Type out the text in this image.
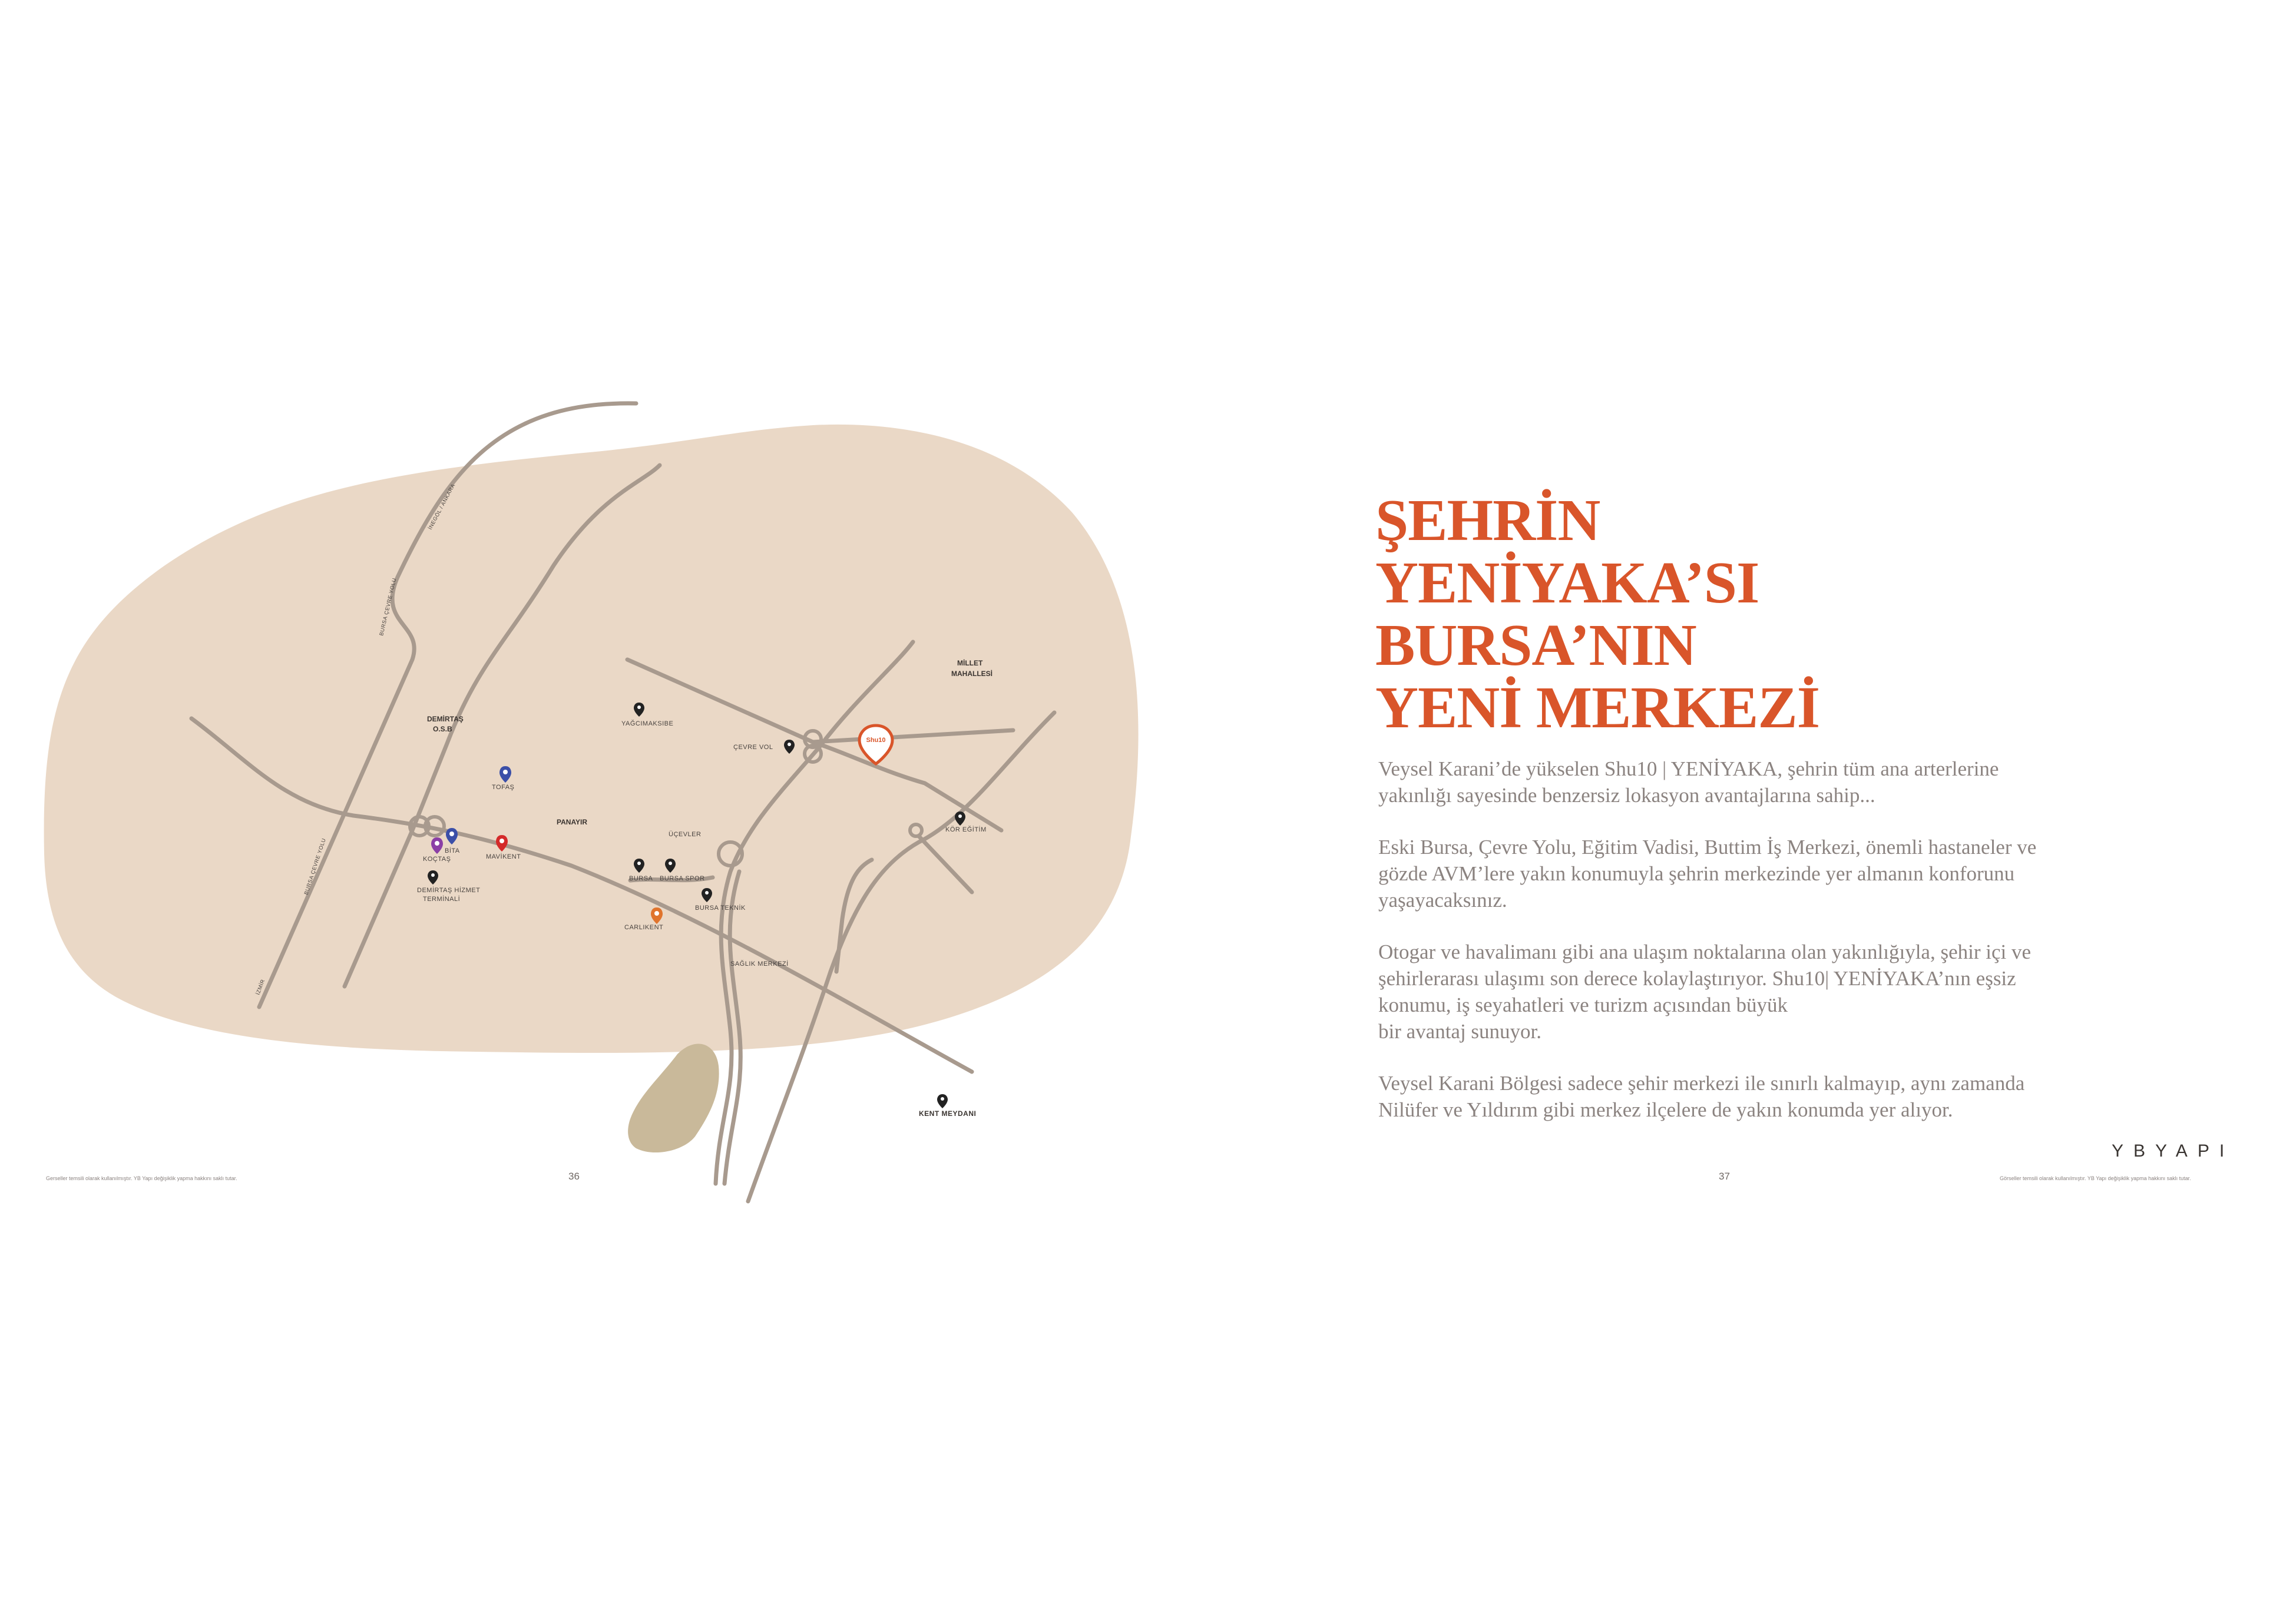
DEMİRTAŞ
O.S.B
MİLLET
MAHALLESİ
PANAYIR
BURSA ÇEVRE YOLU
BURSA ÇEVRE YOLU
İNEGÖL / ANKARA
İZMİR
YAĞCIMAKSIBE
ÇEVRE VOL
KÖR EĞİTİM
TOFAŞ
BİTA
KOÇTAŞ	MAVİKENT
DEMİRTAŞ HİZMET
TERMİNALİ
BURSA BURSA SPOR
BURSA TEKNİK
CARLIKENT
SAĞLIK MERKEZİ
KENT MEYDANI
ÜÇEVLER
Shu10
ŞEHRİN
YENİYAKA’SI
BURSA’NIN
YENİ MERKEZİ

Veysel Karani’de yükselen Shu10 | YENİYAKA, şehrin tüm ana arterlerine
yakınlığı sayesinde benzersiz lokasyon avantajlarına sahip...

Eski Bursa, Çevre Yolu, Eğitim Vadisi, Buttim İş Merkezi, önemli hastaneler ve
gözde AVM’lere yakın konumuyla şehrin merkezinde yer almanın konforunu
yaşayacaksınız.

Otogar ve havalimanı gibi ana ulaşım noktalarına olan yakınlığıyla, şehir içi ve
şehirlerarası ulaşımı son derece kolaylaştırıyor. Shu10| YENİYAKA’nın eşsiz
konumu, iş seyahatleri ve turizm açısından büyük
bir avantaj sunuyor.

Veysel Karani Bölgesi sadece şehir merkezi ile sınırlı kalmayıp, aynı zamanda
Nilüfer ve Yıldırım gibi merkez ilçelere de yakın konumda yer alıyor.

YBYAPI
36	37
Gerseller temsili olarak kullanılmıştır. YB Yapı değişiklik yapma hakkını saklı tutar.	Görseller temsili olarak kullanılmıştır. YB Yapı değişiklik yapma hakkını saklı tutar.
